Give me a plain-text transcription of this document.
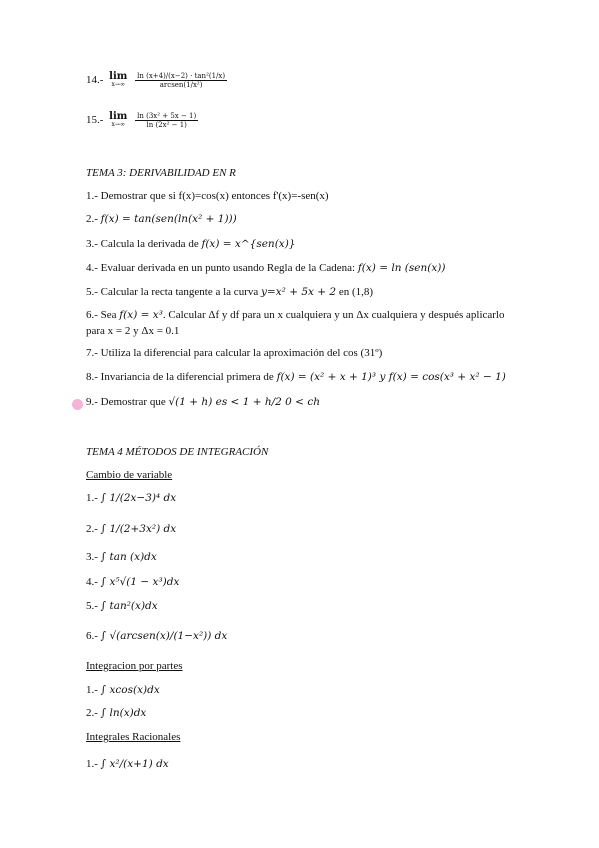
14.- lim
x→∞
$\frac{\text{ln (x+4)/(x−2) · tan²(1/x)}}{\text{arcsen(1/x²)}}$
15.- lim
x→∞
$\frac{\text{ln (3x² + 5x − 1)}}{\text{ln (2x² − 1)}}$
TEMA 3: DERIVABILIDAD EN R
1.- Demostrar que si f(x)=cos(x) entonces f'(x)=-sen(x)
2.- f(x) = tan(sen(ln(x² + 1)))
3.- Calcula la derivada de f(x) = x^{sen(x)}
4.- Evaluar derivada en un punto usando Regla de la Cadena: f(x) = ln (sen(x))
5.- Calcular la recta tangente a la curva y=x² + 5x + 2 en (1,8)
6.- Sea f(x) = x³. Calcular Δf y df para un x cualquiera y un Δx cualquiera y después aplicarlo
para x = 2 y Δx = 0.1
7.- Utiliza la diferencial para calcular la aproximación del cos (31º)
8.- Invariancia de la diferencial primera de f(x) = (x² + x + 1)³ y f(x) = cos(x³ + x² − 1)
9.- Demostrar que √(1 + h) es < 1 + h/2 0 < ch
TEMA 4 MÉTODOS DE INTEGRACIÓN
Cambio de variable
1.- ∫ 1/(2x−3)⁴ dx
2.- ∫ 1/(2+3x²) dx
3.- ∫ tan (x)dx
4.- ∫ x⁵√(1 − x³)dx
5.- ∫ tan²(x)dx
6.- ∫ √(arcsen(x)/(1−x²)) dx
Integracion por partes
1.- ∫ xcos(x)dx
2.- ∫ ln(x)dx
Integrales Racionales
1.- ∫ x²/(x+1) dx
